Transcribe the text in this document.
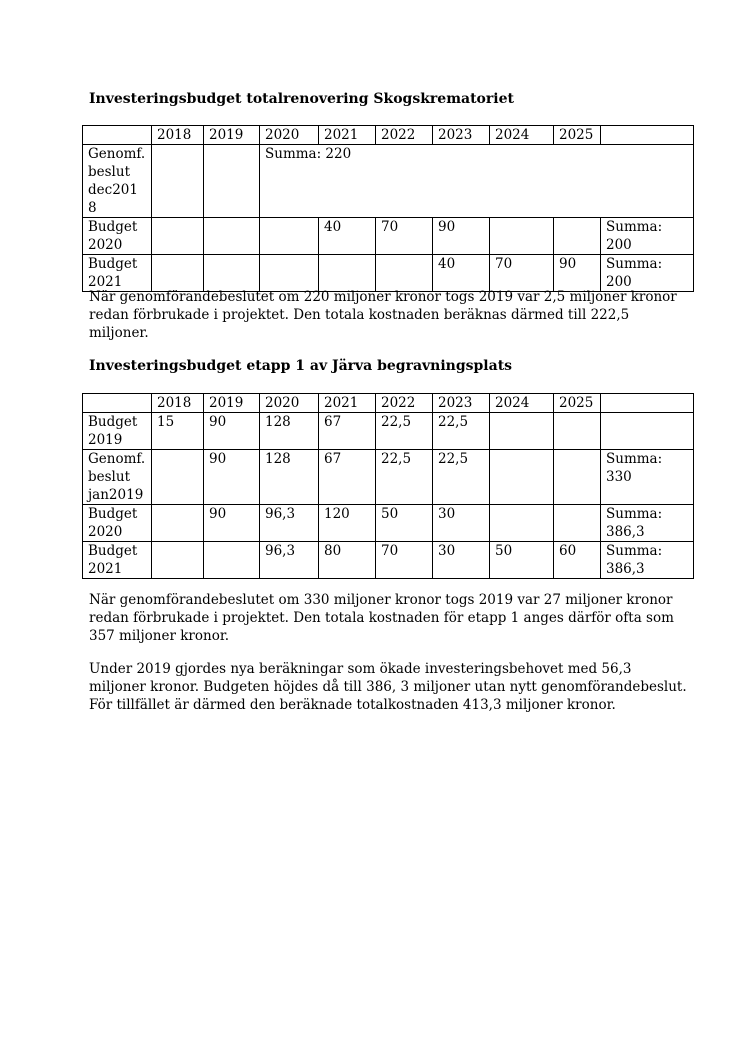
Investeringsbudget totalrenovering Skogskrematoriet
	2018	2019	2020	2021	2022	2023	2024	2025	
Genomf. beslut dec2018			Summa: 220						
Budget 2020				40	70	90			Summa: 200
Budget 2021						40	70	90	Summa: 200

När genomförandebeslutet om 220 miljoner kronor togs 2019 var 2,5 miljoner kronor redan förbrukade i projektet. Den totala kostnaden beräknas därmed till 222,5 miljoner.

Investeringsbudget etapp 1 av Järva begravningsplats
	2018	2019	2020	2021	2022	2023	2024	2025	
Budget 2019	15	90	128	67	22,5	22,5			
Genomf. beslut jan2019		90	128	67	22,5	22,5			Summa: 330
Budget 2020		90	96,3	120	50	30			Summa: 386,3
Budget 2021			96,3	80	70	30	50	60	Summa: 386,3

När genomförandebeslutet om 330 miljoner kronor togs 2019 var 27 miljoner kronor redan förbrukade i projektet. Den totala kostnaden för etapp 1 anges därför ofta som 357 miljoner kronor.

Under 2019 gjordes nya beräkningar som ökade investeringsbehovet med 56,3 miljoner kronor. Budgeten höjdes då till 386, 3 miljoner utan nytt genomförandebeslut. För tillfället är därmed den beräknade totalkostnaden 413,3 miljoner kronor.
